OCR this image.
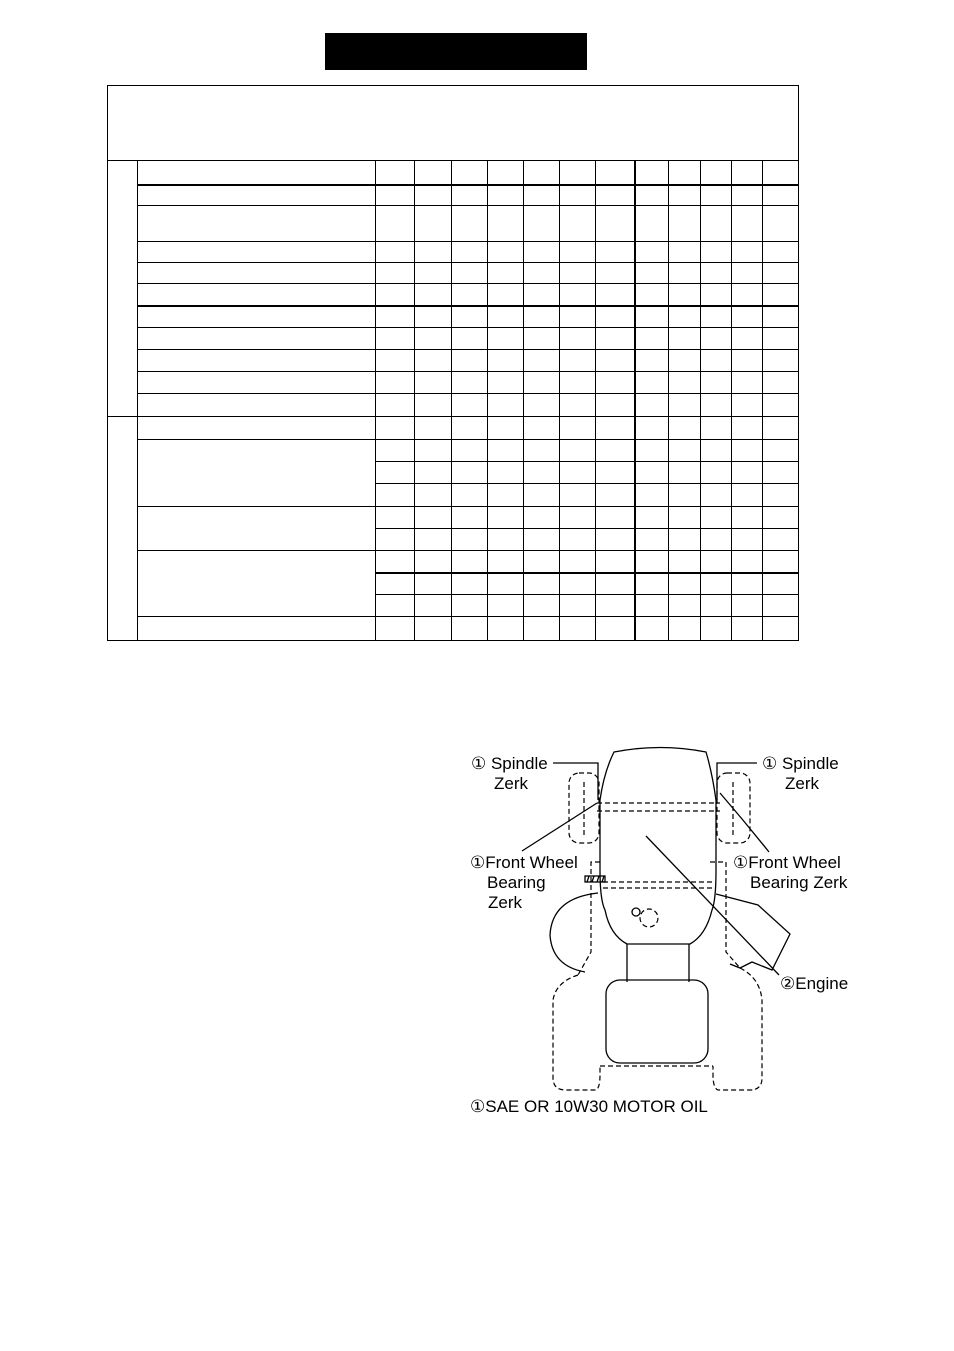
① Spindle
Zerk
① Spindle
Zerk
①Front Wheel
Bearing
Zerk
①Front Wheel
Bearing Zerk
②Engine
①SAE OR 10W30 MOTOR OIL
